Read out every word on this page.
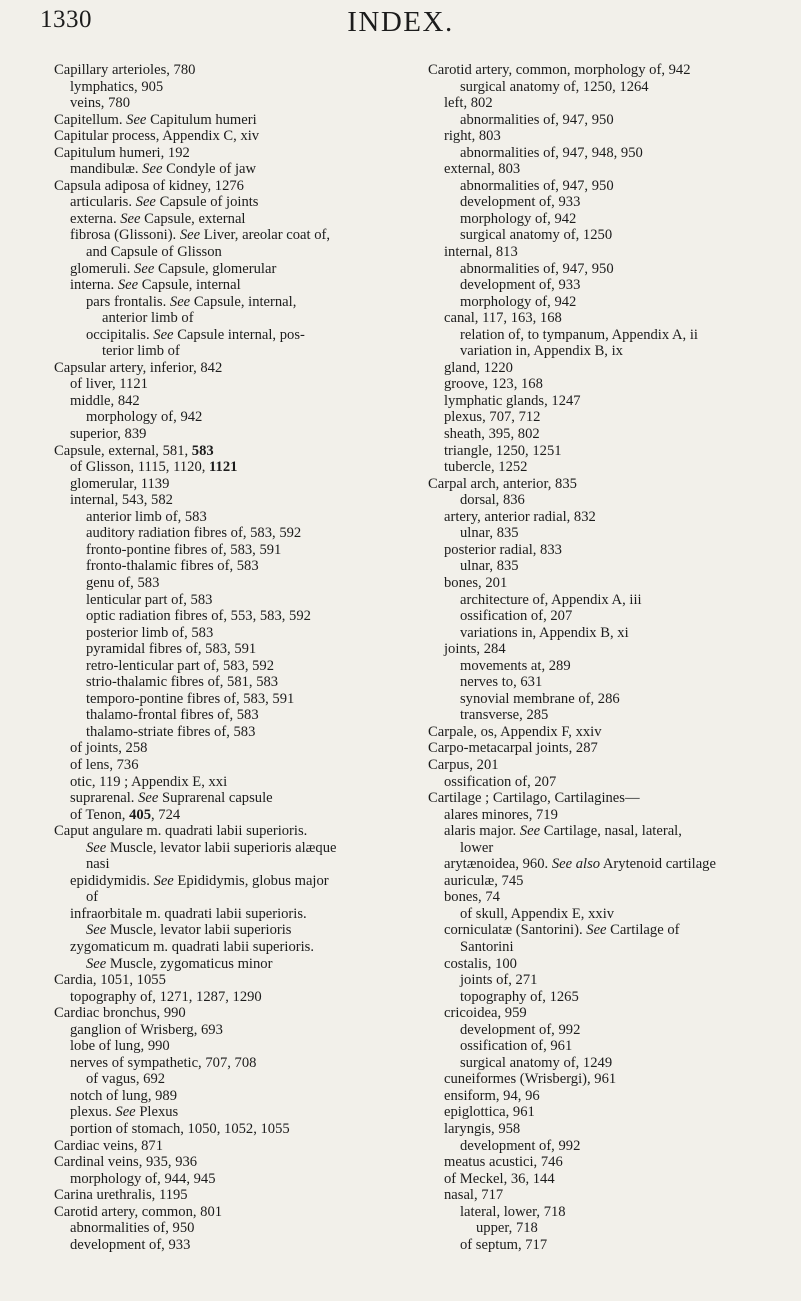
1330	INDEX.
Capillary arterioles, 780
lymphatics, 905
veins, 780
Capitellum. See Capitulum humeri
Capitular process, Appendix C, xiv
Capitulum humeri, 192
mandibulæ. See Condyle of jaw
Capsula adiposa of kidney, 1276
articularis. See Capsule of joints
externa. See Capsule, external
fibrosa (Glissoni). See Liver, areolar coat of,
and Capsule of Glisson
glomeruli. See Capsule, glomerular
interna. See Capsule, internal
pars frontalis. See Capsule, internal,
anterior limb of
occipitalis. See Capsule internal, pos-
terior limb of
Capsular artery, inferior, 842
of liver, 1121
middle, 842
morphology of, 942
superior, 839
Capsule, external, 581, 583
of Glisson, 1115, 1120, 1121
glomerular, 1139
internal, 543, 582
anterior limb of, 583
auditory radiation fibres of, 583, 592
fronto-pontine fibres of, 583, 591
fronto-thalamic fibres of, 583
genu of, 583
lenticular part of, 583
optic radiation fibres of, 553, 583, 592
posterior limb of, 583
pyramidal fibres of, 583, 591
retro-lenticular part of, 583, 592
strio-thalamic fibres of, 581, 583
temporo-pontine fibres of, 583, 591
thalamo-frontal fibres of, 583
thalamo-striate fibres of, 583
of joints, 258
of lens, 736
otic, 119 ; Appendix E, xxi
suprarenal. See Suprarenal capsule
of Tenon, 405, 724
Caput angulare m. quadrati labii superioris.
See Muscle, levator labii superioris alæque
nasi
epididymidis. See Epididymis, globus major
of
infraorbitale m. quadrati labii superioris.
See Muscle, levator labii superioris
zygomaticum m. quadrati labii superioris.
See Muscle, zygomaticus minor
Cardia, 1051, 1055
topography of, 1271, 1287, 1290
Cardiac bronchus, 990
ganglion of Wrisberg, 693
lobe of lung, 990
nerves of sympathetic, 707, 708
of vagus, 692
notch of lung, 989
plexus. See Plexus
portion of stomach, 1050, 1052, 1055
Cardiac veins, 871
Cardinal veins, 935, 936
morphology of, 944, 945
Carina urethralis, 1195
Carotid artery, common, 801
abnormalities of, 950
development of, 933
Carotid artery, common, morphology of, 942
surgical anatomy of, 1250, 1264
left, 802
abnormalities of, 947, 950
right, 803
abnormalities of, 947, 948, 950
external, 803
abnormalities of, 947, 950
development of, 933
morphology of, 942
surgical anatomy of, 1250
internal, 813
abnormalities of, 947, 950
development of, 933
morphology of, 942
canal, 117, 163, 168
relation of, to tympanum, Appendix A, ii
variation in, Appendix B, ix
gland, 1220
groove, 123, 168
lymphatic glands, 1247
plexus, 707, 712
sheath, 395, 802
triangle, 1250, 1251
tubercle, 1252
Carpal arch, anterior, 835
dorsal, 836
artery, anterior radial, 832
ulnar, 835
posterior radial, 833
ulnar, 835
bones, 201
architecture of, Appendix A, iii
ossification of, 207
variations in, Appendix B, xi
joints, 284
movements at, 289
nerves to, 631
synovial membrane of, 286
transverse, 285
Carpale, os, Appendix F, xxiv
Carpo-metacarpal joints, 287
Carpus, 201
ossification of, 207
Cartilage ; Cartilago, Cartilagines—
alares minores, 719
alaris major. See Cartilage, nasal, lateral,
lower
arytænoidea, 960. See also Arytenoid cartilage
auriculæ, 745
bones, 74
of skull, Appendix E, xxiv
corniculatæ (Santorini). See Cartilage of
Santorini
costalis, 100
joints of, 271
topography of, 1265
cricoidea, 959
development of, 992
ossification of, 961
surgical anatomy of, 1249
cuneiformes (Wrisbergi), 961
ensiform, 94, 96
epiglottica, 961
laryngis, 958
development of, 992
meatus acustici, 746
of Meckel, 36, 144
nasal, 717
lateral, lower, 718
upper, 718
of septum, 717
